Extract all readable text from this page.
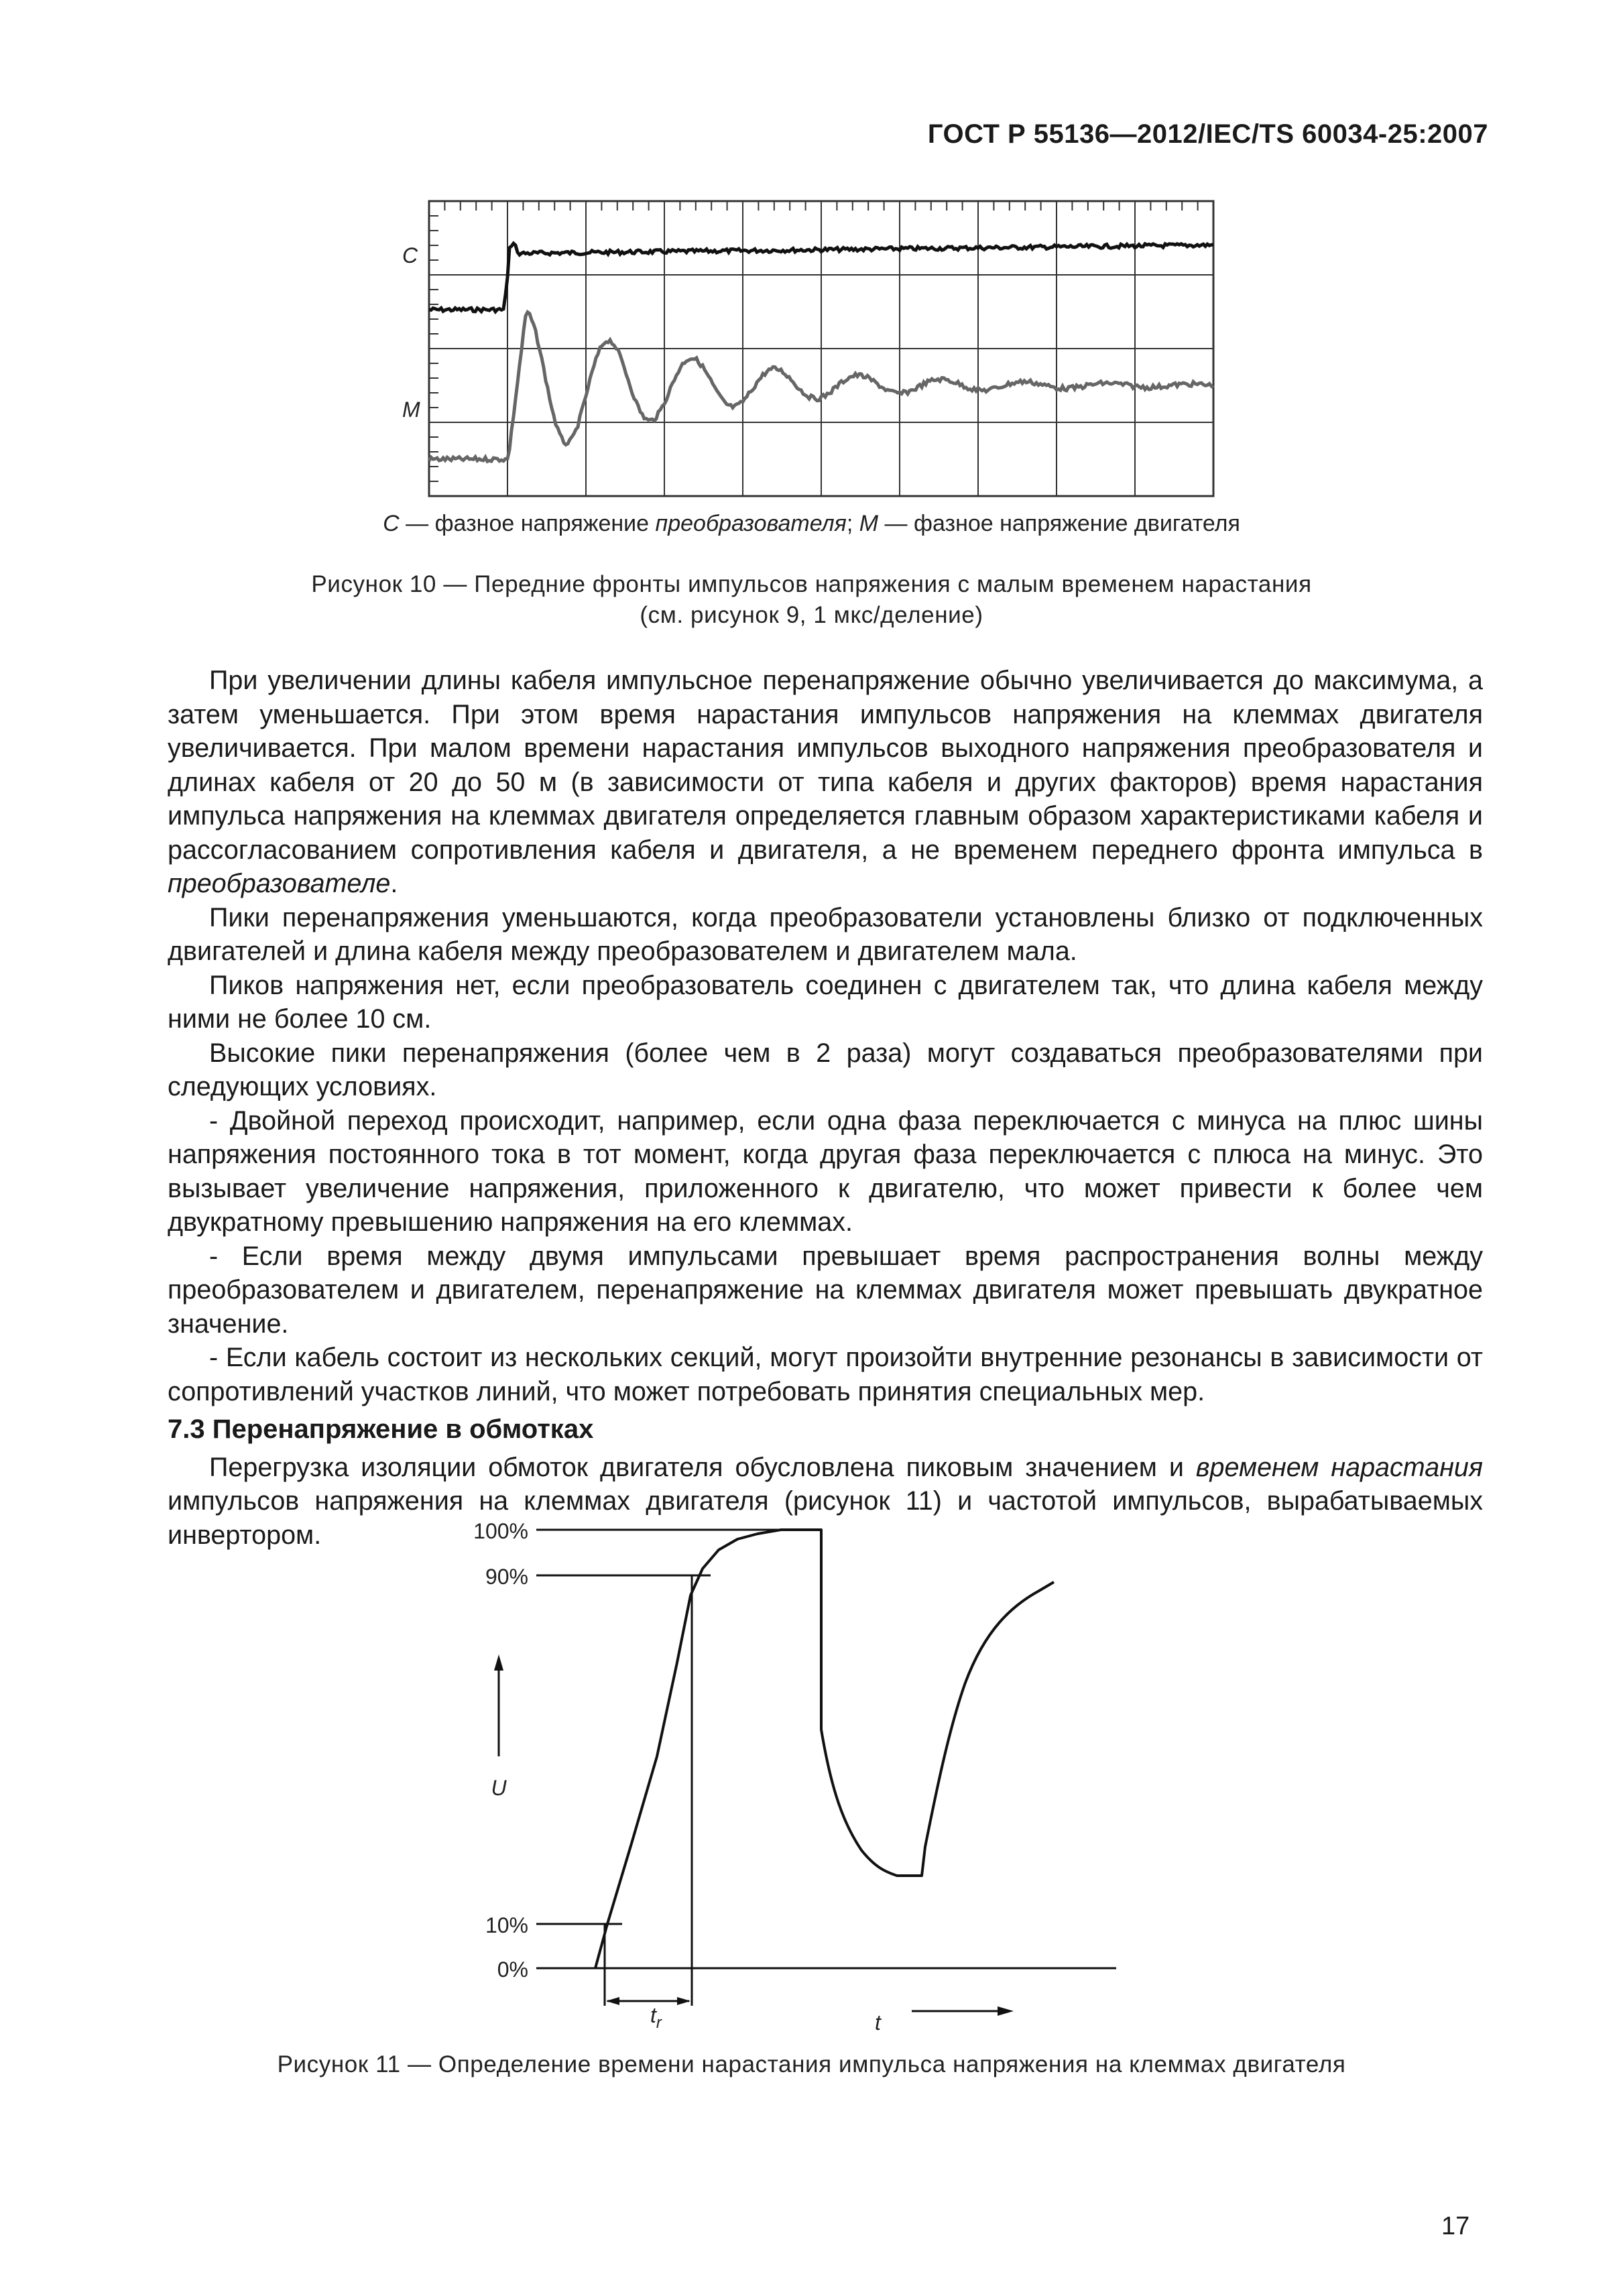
ГОСТ Р 55136—2012/IEC/TS 60034-25:2007
C
M
C — фазное напряжение преобразователя; M — фазное напряжение двигателя
Рисунок 10 — Передние фронты импульсов напряжения с малым временем нарастания
(см. рисунок 9, 1 мкс/деление)

При увеличении длины кабеля импульсное перенапряжение обычно увеличивается до максимума, а затем уменьшается. При этом время нарастания импульсов напряжения на клеммах двигателя увеличивается. При малом времени нарастания импульсов выходного напряжения преобразователя и длинах кабеля от 20 до 50 м (в зависимости от типа кабеля и других факторов) время нарастания импульса напряжения на клеммах двигателя определяется главным образом характеристиками кабеля и рассогласованием сопротивления кабеля и двигателя, а не временем переднего фронта импульса в преобразователе.

Пики перенапряжения уменьшаются, когда преобразователи установлены близко от подключенных двигателей и длина кабеля между преобразователем и двигателем мала.

Пиков напряжения нет, если преобразователь соединен с двигателем так, что длина кабеля между ними не более 10 см.

Высокие пики перенапряжения (более чем в 2 раза) могут создаваться преобразователями при следующих условиях.

- Двойной переход происходит, например, если одна фаза переключается с минуса на плюс шины напряжения постоянного тока в тот момент, когда другая фаза переключается с плюса на минус. Это вызывает увеличение напряжения, приложенного к двигателю, что может привести к более чем двукратному превышению напряжения на его клеммах.

- Если время между двумя импульсами превышает время распространения волны между преобразователем и двигателем, перенапряжение на клеммах двигателя может превышать двукратное значение.

- Если кабель состоит из нескольких секций, могут произойти внутренние резонансы в зависимости от сопротивлений участков линий, что может потребовать принятия специальных мер.

7.3 Перенапряжение в обмотках

Перегрузка изоляции обмоток двигателя обусловлена пиковым значением и временем нарастания импульсов напряжения на клеммах двигателя (рисунок 11) и частотой импульсов, вырабатываемых инвертором.	100%
90%
10%
0%
U
$t_r$	t
Рисунок 11 — Определение времени нарастания импульса напряжения на клеммах двигателя
17
